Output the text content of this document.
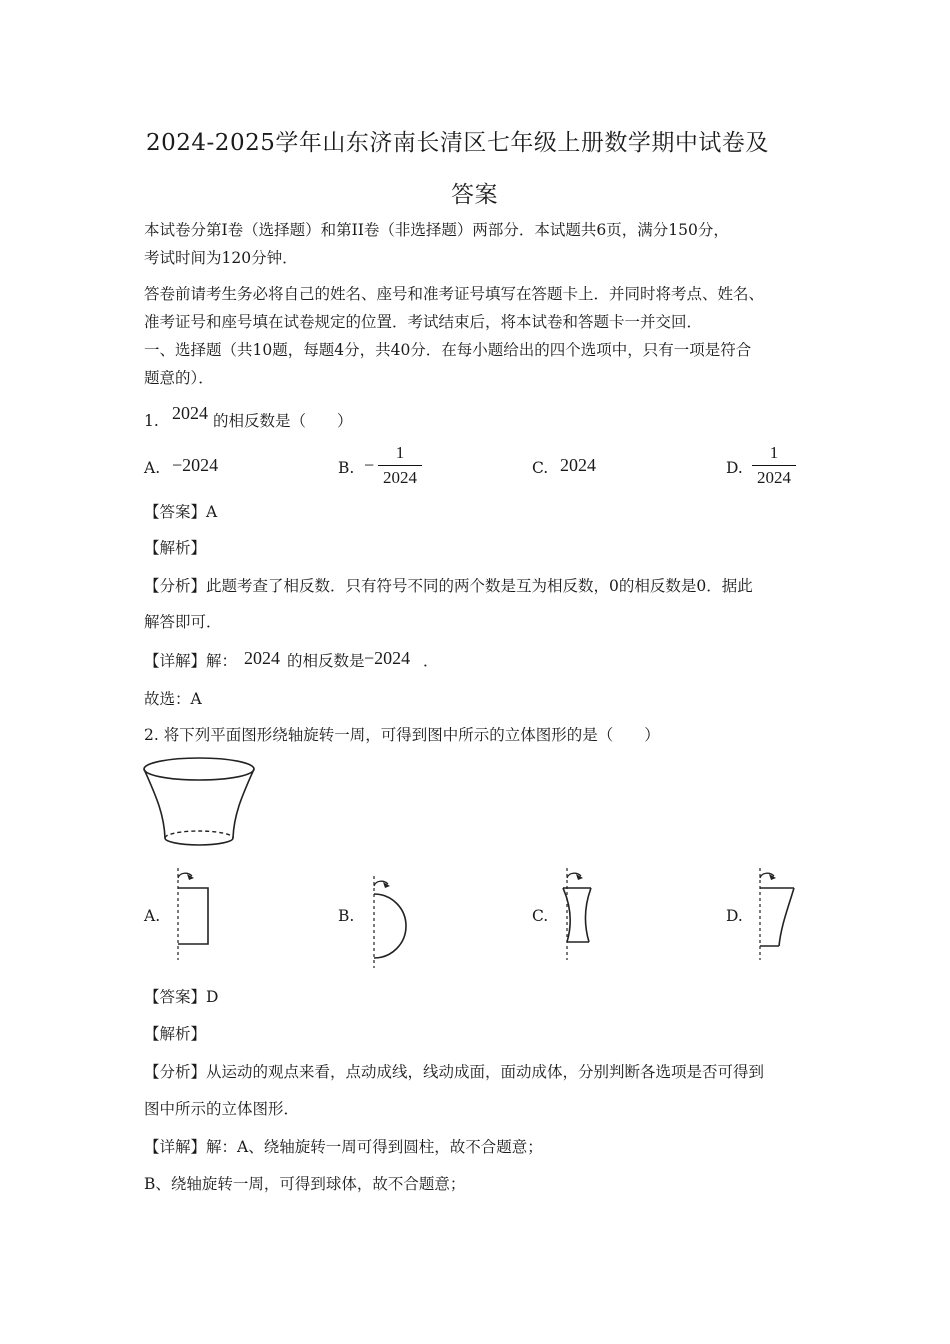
2024-2025学年山东济南长清区七年级上册数学期中试卷及
答案
本试卷分第I卷（选择题）和第II卷（非选择题）两部分．本试题共6页，满分150分，
考试时间为120分钟．
答卷前请考生务必将自己的姓名、座号和准考证号填写在答题卡上．并同时将考点、姓名、
准考证号和座号填在试卷规定的位置．考试结束后，将本试卷和答题卡一并交回．
一、选择题（共10题，每题4分，共40分．在每小题给出的四个选项中，只有一项是符合
题意的）．
1. 2024 的相反数是（　　）
A. −2024	B. −
1
2024	C. 2024	D.
1
2024
【答案】A
【解析】
【分析】此题考查了相反数．只有符号不同的两个数是互为相反数，0的相反数是0．据此
解答即可．
【详解】解： 2024 的相反数是 −2024 ．
故选：A
2. 将下列平面图形绕轴旋转一周，可得到图中所示的立体图形的是（　　）
A.	B.	C.	D.
【答案】D
【解析】
【分析】从运动的观点来看，点动成线，线动成面，面动成体，分别判断各选项是否可得到
图中所示的立体图形．
【详解】解：A、绕轴旋转一周可得到圆柱，故不合题意；
B、绕轴旋转一周，可得到球体，故不合题意；
